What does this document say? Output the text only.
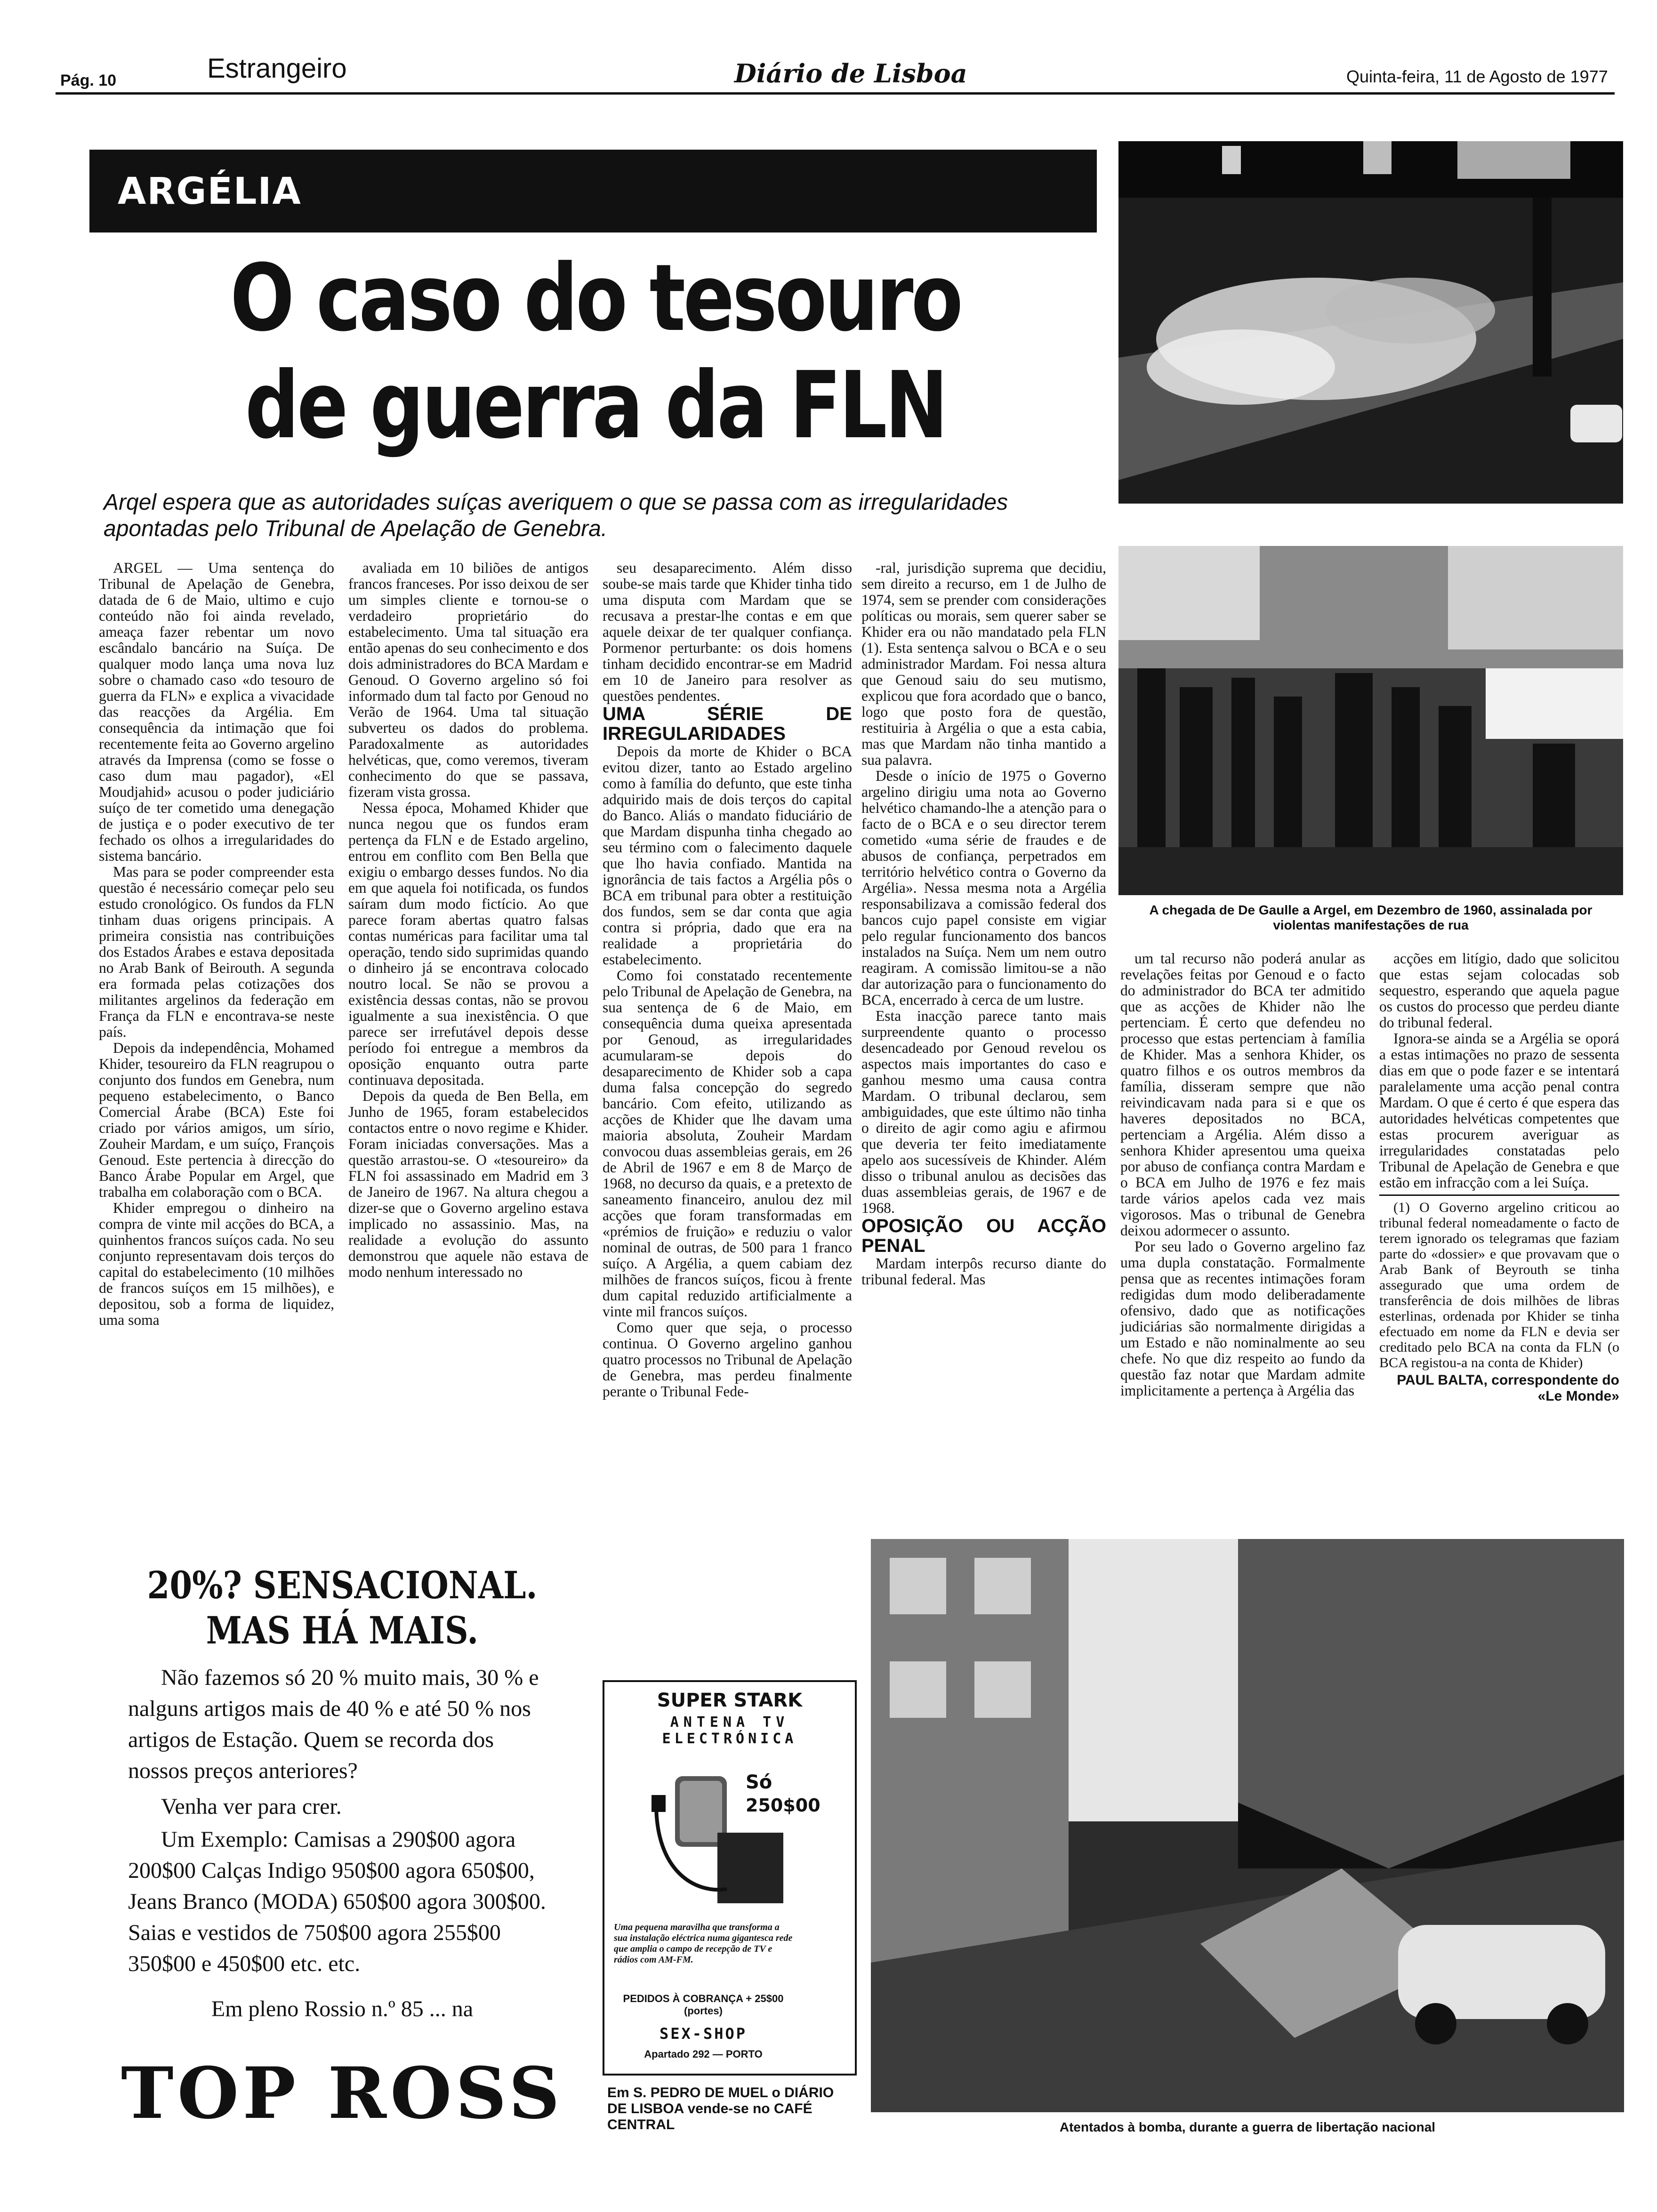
Pág. 10	Estrangeiro	Diário de Lisboa	Quinta-feira, 11 de Agosto de 1977
ARGÉLIA
O caso do tesouro
de guerra da FLN
Arqel espera que as autoridades suíças averiquem o que se passa com as irregularidades apontadas pelo Tribunal de Apelação de Genebra.
A chegada de De Gaulle a Argel, em Dezembro de 1960, assinalada por violentas manifestações de rua
Atentados à bomba, durante a guerra de libertação nacional

ARGEL — Uma sentença do Tribunal de Apelação de Genebra, datada de 6 de Maio, ultimo e cujo conteúdo não foi ainda revelado, ameaça fazer rebentar um novo escândalo bancário na Suíça. De qualquer modo lança uma nova luz sobre o chamado caso «do tesouro de guerra da FLN» e explica a vivacidade das reacções da Argélia. Em consequência da intimação que foi recentemente feita ao Governo argelino através da Imprensa (como se fosse o caso dum mau pagador), «El Moudjahid» acusou o poder judiciário suíço de ter cometido uma denegação de justiça e o poder executivo de ter fechado os olhos a irregularidades do sistema bancário.

Mas para se poder compreender esta questão é necessário começar pelo seu estudo cronológico. Os fundos da FLN tinham duas origens principais. A primeira consistia nas contribuições dos Estados Árabes e estava depositada no Arab Bank of Beirouth. A segunda era formada pelas cotizações dos militantes argelinos da federação em França da FLN e encontrava-se neste país.

Depois da independência, Mohamed Khider, tesoureiro da FLN reagrupou o conjunto dos fundos em Genebra, num pequeno estabelecimento, o Banco Comercial Árabe (BCA) Este foi criado por vários amigos, um sírio, Zouheir Mardam, e um suíço, François Genoud. Este pertencia à direcção do Banco Árabe Popular em Argel, que trabalha em colaboração com o BCA.

Khider empregou o dinheiro na compra de vinte mil acções do BCA, a quinhentos francos suíços cada. No seu conjunto representavam dois terços do capital do estabelecimento (10 milhões de francos suíços em 15 milhões), e depositou, sob a forma de liquidez, uma soma

avaliada em 10 biliões de antigos francos franceses. Por isso deixou de ser um simples cliente e tornou-se o verdadeiro proprietário do estabelecimento. Uma tal situação era então apenas do seu conhecimento e dos dois administradores do BCA Mardam e Genoud. O Governo argelino só foi informado dum tal facto por Genoud no Verão de 1964. Uma tal situação subverteu os dados do problema. Paradoxalmente as autoridades helvéticas, que, como veremos, tiveram conhecimento do que se passava, fizeram vista grossa.

Nessa época, Mohamed Khider que nunca negou que os fundos eram pertença da FLN e de Estado argelino, entrou em conflito com Ben Bella que exigiu o embargo desses fundos. No dia em que aquela foi notificada, os fundos saíram dum modo fictício. Ao que parece foram abertas quatro falsas contas numéricas para facilitar uma tal operação, tendo sido suprimidas quando o dinheiro já se encontrava colocado noutro local. Se não se provou a existência dessas contas, não se provou igualmente a sua inexistência. O que parece ser irrefutável depois desse período foi entregue a membros da oposição enquanto outra parte continuava depositada.

Depois da queda de Ben Bella, em Junho de 1965, foram estabelecidos contactos entre o novo regime e Khider. Foram iniciadas conversações. Mas a questão arrastou-se. O «tesoureiro» da FLN foi assassinado em Madrid em 3 de Janeiro de 1967. Na altura chegou a dizer-se que o Governo argelino estava implicado no assassinio. Mas, na realidade a evolução do assunto demonstrou que aquele não estava de modo nenhum interessado no

seu desaparecimento. Além disso soube-se mais tarde que Khider tinha tido uma disputa com Mardam que se recusava a prestar-lhe contas e em que aquele deixar de ter qualquer confiança. Pormenor perturbante: os dois homens tinham decidido encontrar-se em Madrid em 10 de Janeiro para resolver as questões pendentes.

UMA SÉRIE DE IRREGULARIDADES

Depois da morte de Khider o BCA evitou dizer, tanto ao Estado argelino como à família do defunto, que este tinha adquirido mais de dois terços do capital do Banco. Aliás o mandato fiduciário de que Mardam dispunha tinha chegado ao seu término com o falecimento daquele que lho havia confiado. Mantida na ignorância de tais factos a Argélia pôs o BCA em tribunal para obter a restituição dos fundos, sem se dar conta que agia contra si própria, dado que era na realidade a proprietária do estabelecimento.

Como foi constatado recentemente pelo Tribunal de Apelação de Genebra, na sua sentença de 6 de Maio, em consequência duma queixa apresentada por Genoud, as irregularidades acumularam-se depois do desaparecimento de Khider sob a capa duma falsa concepção do segredo bancário. Com efeito, utilizando as acções de Khider que lhe davam uma maioria absoluta, Zouheir Mardam convocou duas assembleias gerais, em 26 de Abril de 1967 e em 8 de Março de 1968, no decurso da quais, e a pretexto de saneamento financeiro, anulou dez mil acções que foram transformadas em «prémios de fruição» e reduziu o valor nominal de outras, de 500 para 1 franco suíço. A Argélia, a quem cabiam dez milhões de francos suíços, ficou à frente dum capital reduzido artificialmente a vinte mil francos suíços.

Como quer que seja, o processo continua. O Governo argelino ganhou quatro processos no Tribunal de Apelação de Genebra, mas perdeu finalmente perante o Tribunal Fede-

-ral, jurisdição suprema que decidiu, sem direito a recurso, em 1 de Julho de 1974, sem se prender com considerações políticas ou morais, sem querer saber se Khider era ou não mandatado pela FLN (1). Esta sentença salvou o BCA e o seu administrador Mardam. Foi nessa altura que Genoud saiu do seu mutismo, explicou que fora acordado que o banco, logo que posto fora de questão, restituiria à Argélia o que a esta cabia, mas que Mardam não tinha mantido a sua palavra.

Desde o início de 1975 o Governo argelino dirigiu uma nota ao Governo helvético chamando-lhe a atenção para o facto de o BCA e o seu director terem cometido «uma série de fraudes e de abusos de confiança, perpetrados em território helvético contra o Governo da Argélia». Nessa mesma nota a Argélia responsabilizava a comissão federal dos bancos cujo papel consiste em vigiar pelo regular funcionamento dos bancos instalados na Suíça. Nem um nem outro reagiram. A comissão limitou-se a não dar autorização para o funcionamento do BCA, encerrado à cerca de um lustre.

Esta inacção parece tanto mais surpreendente quanto o processo desencadeado por Genoud revelou os aspectos mais importantes do caso e ganhou mesmo uma causa contra Mardam. O tribunal declarou, sem ambiguidades, que este último não tinha o direito de agir como agiu e afirmou que deveria ter feito imediatamente apelo aos sucessíveis de Khinder. Além disso o tribunal anulou as decisões das duas assembleias gerais, de 1967 e de 1968.

OPOSIÇÃO OU ACÇÃO PENAL

Mardam interpôs recurso diante do tribunal federal. Mas

um tal recurso não poderá anular as revelações feitas por Genoud e o facto do administrador do BCA ter admitido que as acções de Khider não lhe pertenciam. É certo que defendeu no processo que estas pertenciam à família de Khider. Mas a senhora Khider, os quatro filhos e os outros membros da família, disseram sempre que não reivindicavam nada para si e que os haveres depositados no BCA, pertenciam a Argélia. Além disso a senhora Khider apresentou uma queixa por abuso de confiança contra Mardam e o BCA em Julho de 1976 e fez mais tarde vários apelos cada vez mais vigorosos. Mas o tribunal de Genebra deixou adormecer o assunto.

Por seu lado o Governo argelino faz uma dupla constatação. Formalmente pensa que as recentes intimações foram redigidas dum modo deliberadamente ofensivo, dado que as notificações judiciárias são normalmente dirigidas a um Estado e não nominalmente ao seu chefe. No que diz respeito ao fundo da questão faz notar que Mardam admite implicitamente a pertença à Argélia das

acções em litígio, dado que solicitou que estas sejam colocadas sob sequestro, esperando que aquela pague os custos do processo que perdeu diante do tribunal federal.

Ignora-se ainda se a Argélia se oporá a estas intimações no prazo de sessenta dias em que o pode fazer e se intentará paralelamente uma acção penal contra Mardam. O que é certo é que espera das autoridades helvéticas competentes que estas procurem averiguar as irregularidades constatadas pelo Tribunal de Apelação de Genebra e que estão em infracção com a lei Suíça.

(1) O Governo argelino criticou ao tribunal federal nomeadamente o facto de terem ignorado os telegramas que faziam parte do «dossier» e que provavam que o Arab Bank of Beyrouth se tinha assegurado que uma ordem de transferência de dois milhões de libras esterlinas, ordenada por Khider se tinha efectuado em nome da FLN e devia ser creditado pelo BCA na conta da FLN (o BCA registou-a na conta de Khider)

PAUL BALTA, correspondente do «Le Monde»

20%? SENSACIONAL.
MAS HÁ MAIS.
Não fazemos só 20 % muito mais, 30 % e nalguns artigos mais de 40 % e até 50 % nos artigos de Estação. Quem se recorda dos nossos preços anteriores?
Venha ver para crer.
Um Exemplo: Camisas a 290$00 agora 200$00 Calças Indigo 950$00 agora 650$00, Jeans Branco (MODA) 650$00 agora 300$00. Saias e vestidos de 750$00 agora 255$00 350$00 e 450$00 etc. etc.
Em pleno Rossio n.º 85 ... na
TOP ROSS
SUPER STARK
ANTENA TV
ELECTRÓNICA
Só
250$00
Uma pequena maravilha que transforma a sua instalação eléctrica numa gigantesca rede que amplia o campo de recepção de TV e rádios com AM-FM.
PEDIDOS À COBRANÇA + 25$00 (portes)
SEX-SHOP
Apartado 292 — PORTO
Em S. PEDRO DE MUEL o DIÁRIO DE LISBOA vende-se no CAFÉ CENTRAL
